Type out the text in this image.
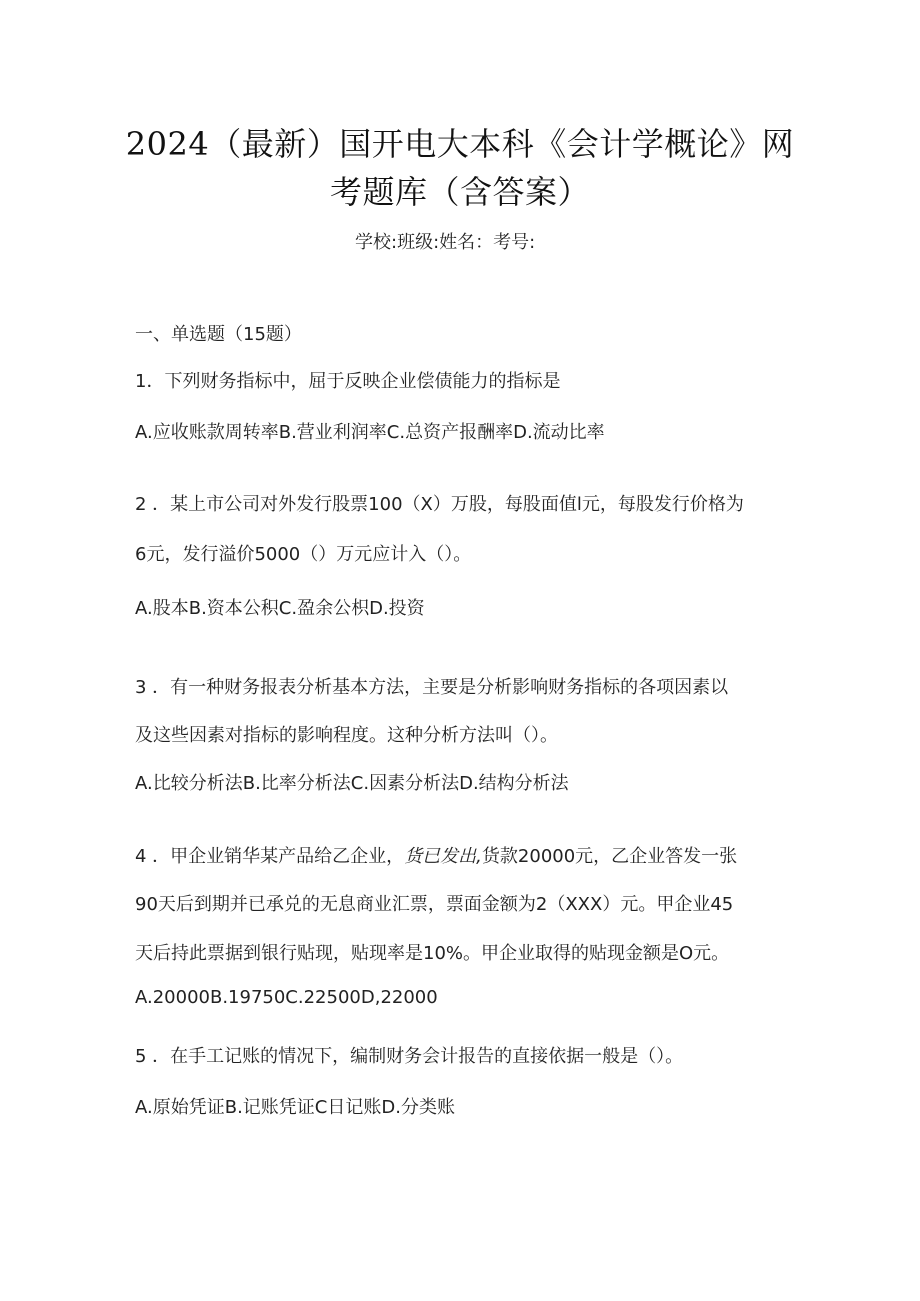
2024（最新）国开电大本科《会计学概论》网
考题库（含答案）
学校:班级:姓名：考号:
一、单选题（15题）
1．下列财务指标中，屈于反映企业偿债能力的指标是
A.应收账款周转率B.营业利润率C.总资产报酬率D.流动比率
2 ．某上市公司对外发行股票100（X）万股，每股面值l元，每股发行价格为
6元，发行溢价5000（）万元应计入（）。
A.股本B.资本公积C.盈余公枳D.投资
3 ．有一种财务报表分析基本方法，主要是分析影响财务指标的各项因素以
及这些因素对指标的影响程度。这种分析方法叫（）。
A.比较分析法B.比率分析法C.因素分析法D.结构分析法
4 ．甲企业销华某产品给乙企业，货已发出,货款20000元，乙企业答发一张
90天后到期并已承兑的无息商业汇票，票面金额为2（XXX）元。甲企业45
天后持此票据到银行贴现，贴现率是10%。甲企业取得的贴现金额是O元。
A.20000B.19750C.22500D,22000
5 ．在手工记账的情况下，编制财务会计报告的直接依据一般是（）。
A.原始凭证B.记账凭证C日记账D.分类账
